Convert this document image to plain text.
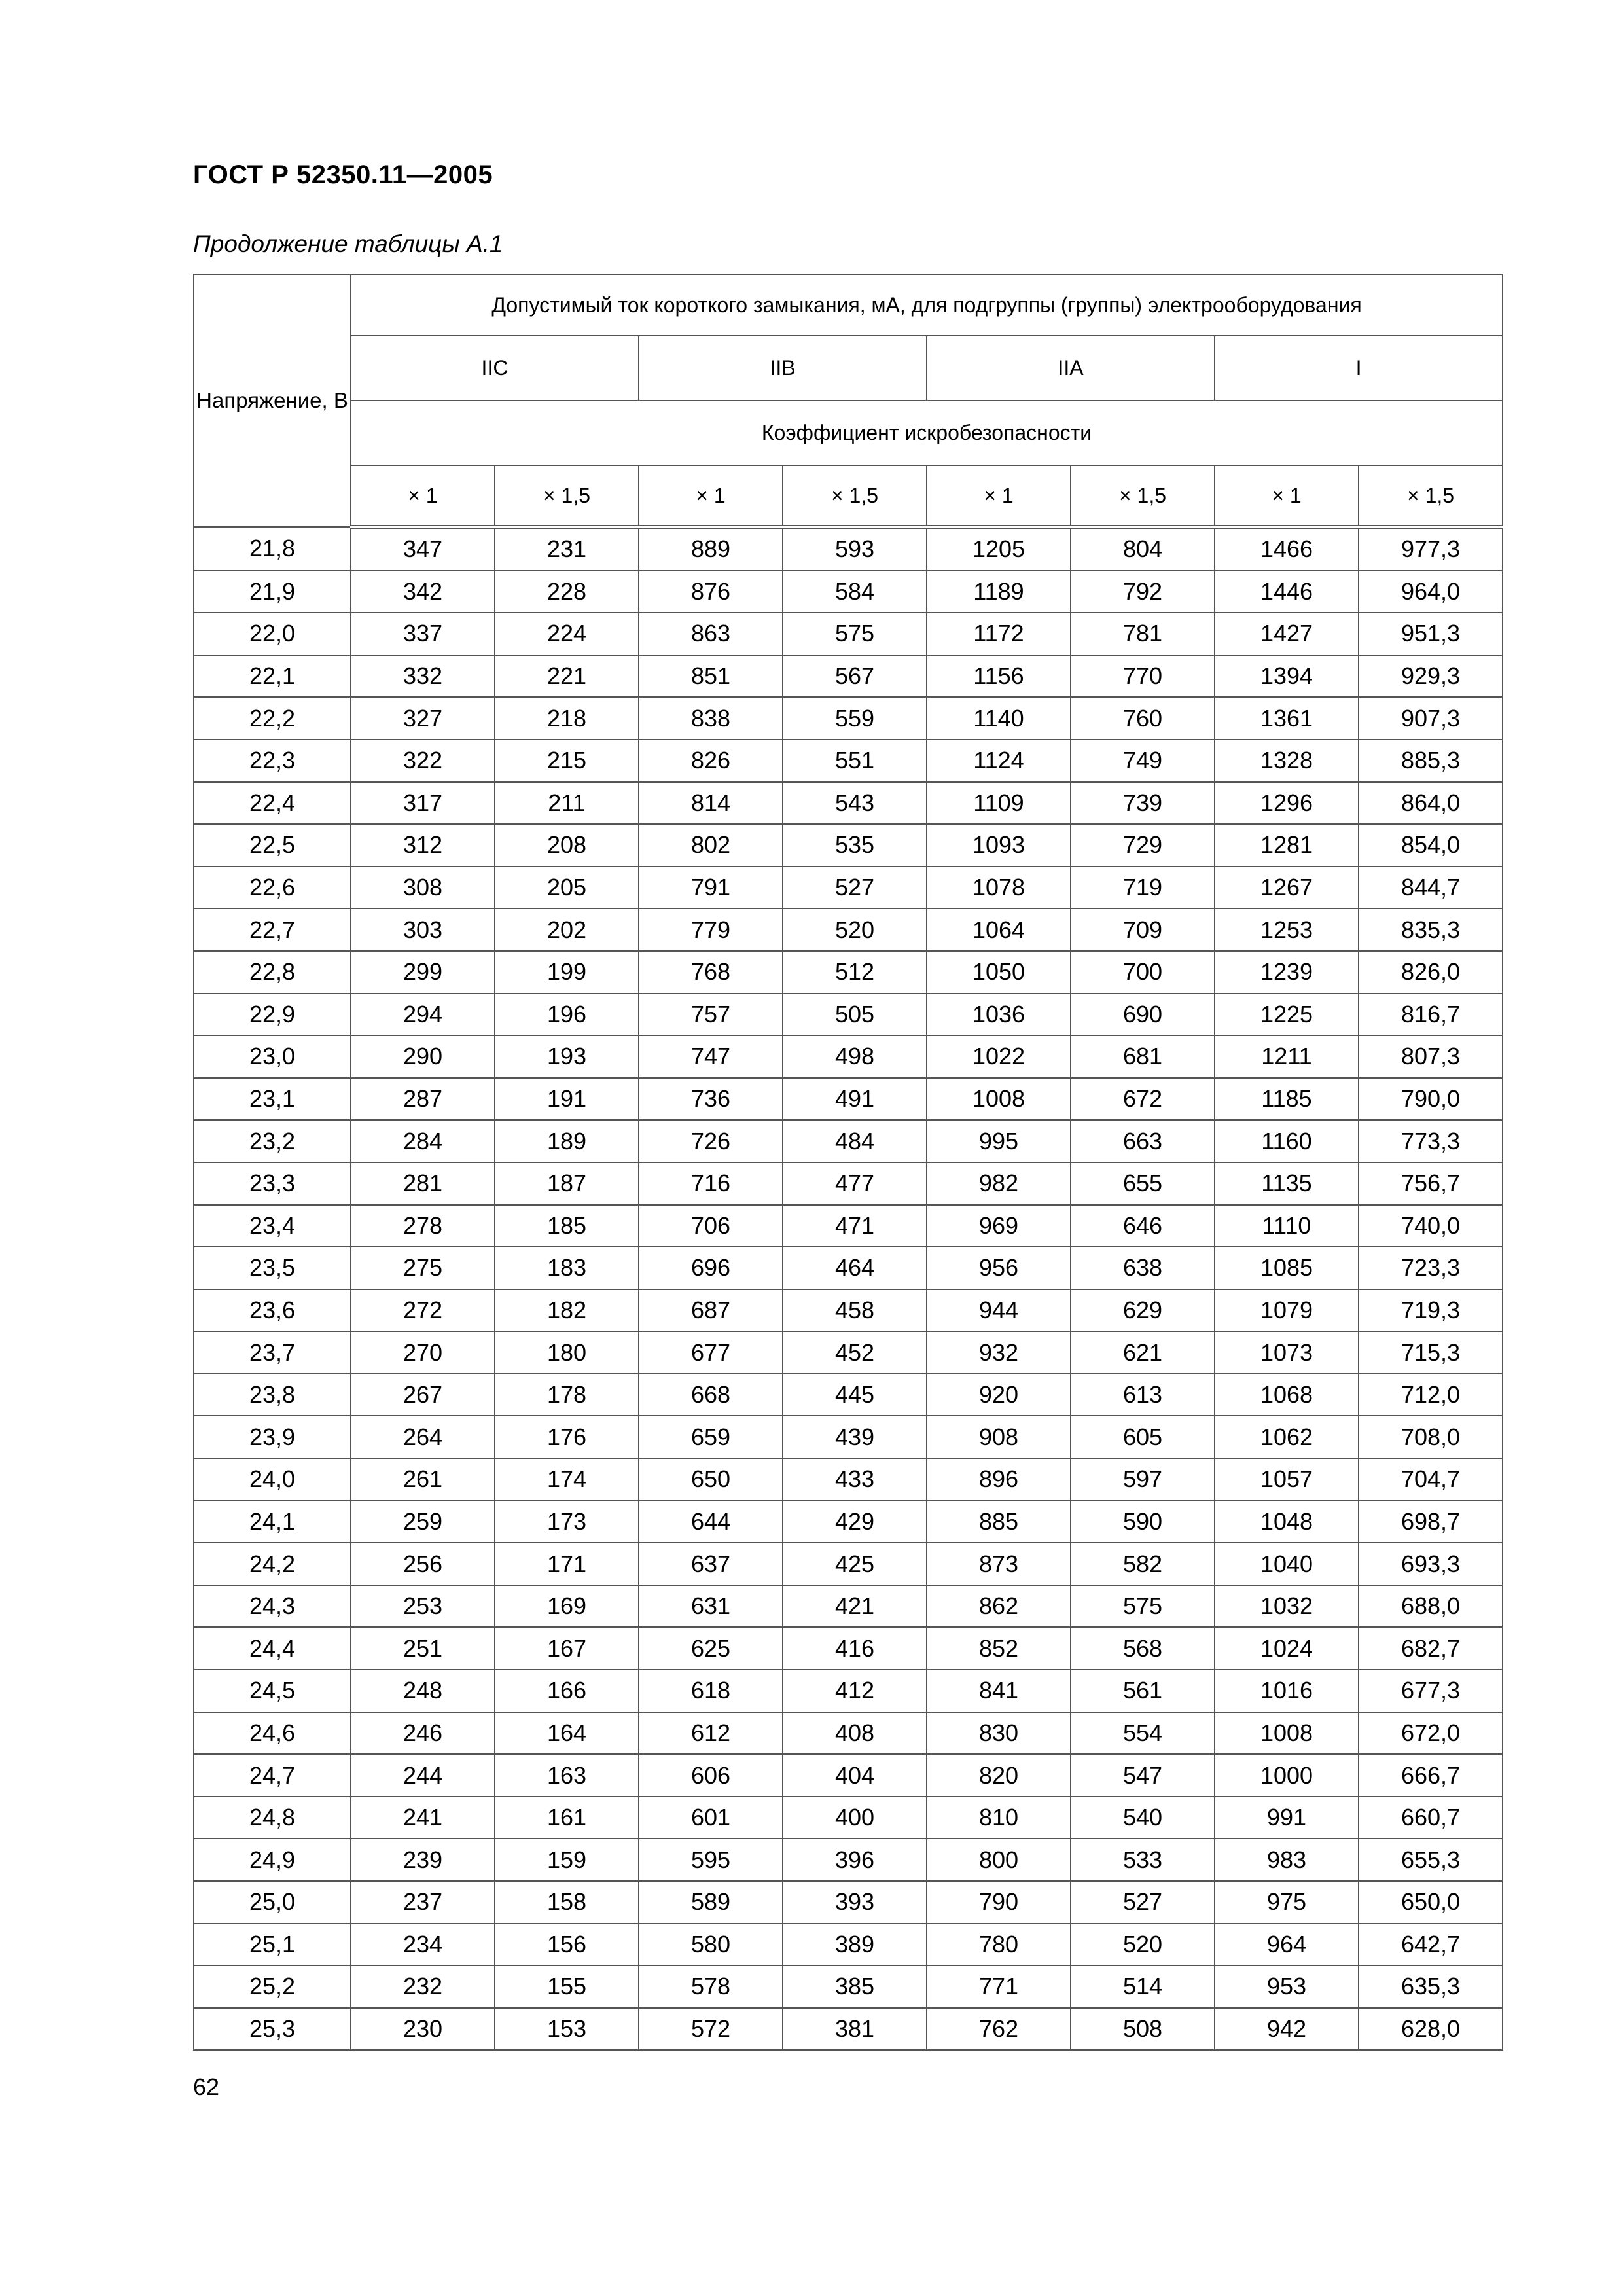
ГОСТ Р 52350.11—2005
Продолжение таблицы А.1
Напряжение, В	Допустимый ток короткого замыкания, мА, для подгруппы (группы) электрооборудования							
	IIC		IIB		IIA		I	
	Коэффициент искробезопасности							
	× 1	× 1,5	× 1	× 1,5	× 1	× 1,5	× 1	× 1,5
21,8	347	231	889	593	1205	804	1466	977,3
21,9	342	228	876	584	1189	792	1446	964,0
22,0	337	224	863	575	1172	781	1427	951,3
22,1	332	221	851	567	1156	770	1394	929,3
22,2	327	218	838	559	1140	760	1361	907,3
22,3	322	215	826	551	1124	749	1328	885,3
22,4	317	211	814	543	1109	739	1296	864,0
22,5	312	208	802	535	1093	729	1281	854,0
22,6	308	205	791	527	1078	719	1267	844,7
22,7	303	202	779	520	1064	709	1253	835,3
22,8	299	199	768	512	1050	700	1239	826,0
22,9	294	196	757	505	1036	690	1225	816,7
23,0	290	193	747	498	1022	681	1211	807,3
23,1	287	191	736	491	1008	672	1185	790,0
23,2	284	189	726	484	995	663	1160	773,3
23,3	281	187	716	477	982	655	1135	756,7
23,4	278	185	706	471	969	646	1110	740,0
23,5	275	183	696	464	956	638	1085	723,3
23,6	272	182	687	458	944	629	1079	719,3
23,7	270	180	677	452	932	621	1073	715,3
23,8	267	178	668	445	920	613	1068	712,0
23,9	264	176	659	439	908	605	1062	708,0
24,0	261	174	650	433	896	597	1057	704,7
24,1	259	173	644	429	885	590	1048	698,7
24,2	256	171	637	425	873	582	1040	693,3
24,3	253	169	631	421	862	575	1032	688,0
24,4	251	167	625	416	852	568	1024	682,7
24,5	248	166	618	412	841	561	1016	677,3
24,6	246	164	612	408	830	554	1008	672,0
24,7	244	163	606	404	820	547	1000	666,7
24,8	241	161	601	400	810	540	991	660,7
24,9	239	159	595	396	800	533	983	655,3
25,0	237	158	589	393	790	527	975	650,0
25,1	234	156	580	389	780	520	964	642,7
25,2	232	155	578	385	771	514	953	635,3
25,3	230	153	572	381	762	508	942	628,0
62
